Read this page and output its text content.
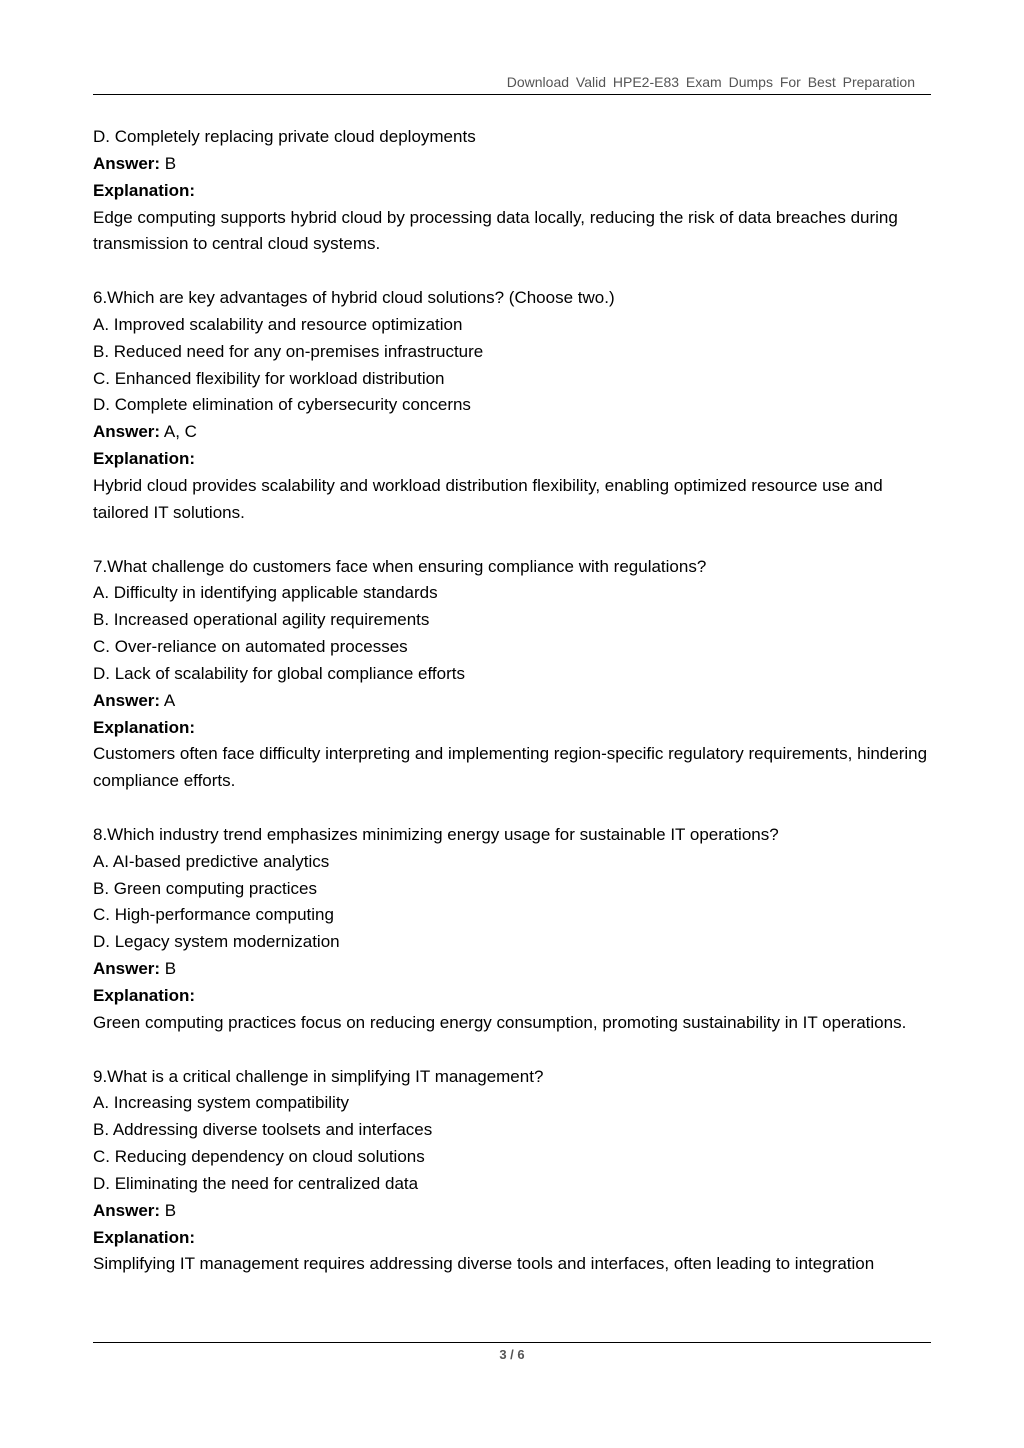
Download Valid HPE2-E83 Exam Dumps For Best Preparation
D. Completely replacing private cloud deployments
Answer: B
Explanation:
Edge computing supports hybrid cloud by processing data locally, reducing the risk of data breaches during transmission to central cloud systems.
6.Which are key advantages of hybrid cloud solutions? (Choose two.)
A. Improved scalability and resource optimization
B. Reduced need for any on-premises infrastructure
C. Enhanced flexibility for workload distribution
D. Complete elimination of cybersecurity concerns
Answer: A, C
Explanation:
Hybrid cloud provides scalability and workload distribution flexibility, enabling optimized resource use and tailored IT solutions.
7.What challenge do customers face when ensuring compliance with regulations?
A. Difficulty in identifying applicable standards
B. Increased operational agility requirements
C. Over-reliance on automated processes
D. Lack of scalability for global compliance efforts
Answer: A
Explanation:
Customers often face difficulty interpreting and implementing region-specific regulatory requirements, hindering compliance efforts.
8.Which industry trend emphasizes minimizing energy usage for sustainable IT operations?
A. AI-based predictive analytics
B. Green computing practices
C. High-performance computing
D. Legacy system modernization
Answer: B
Explanation:
Green computing practices focus on reducing energy consumption, promoting sustainability in IT operations.
9.What is a critical challenge in simplifying IT management?
A. Increasing system compatibility
B. Addressing diverse toolsets and interfaces
C. Reducing dependency on cloud solutions
D. Eliminating the need for centralized data
Answer: B
Explanation:
Simplifying IT management requires addressing diverse tools and interfaces, often leading to integration
3 / 6
